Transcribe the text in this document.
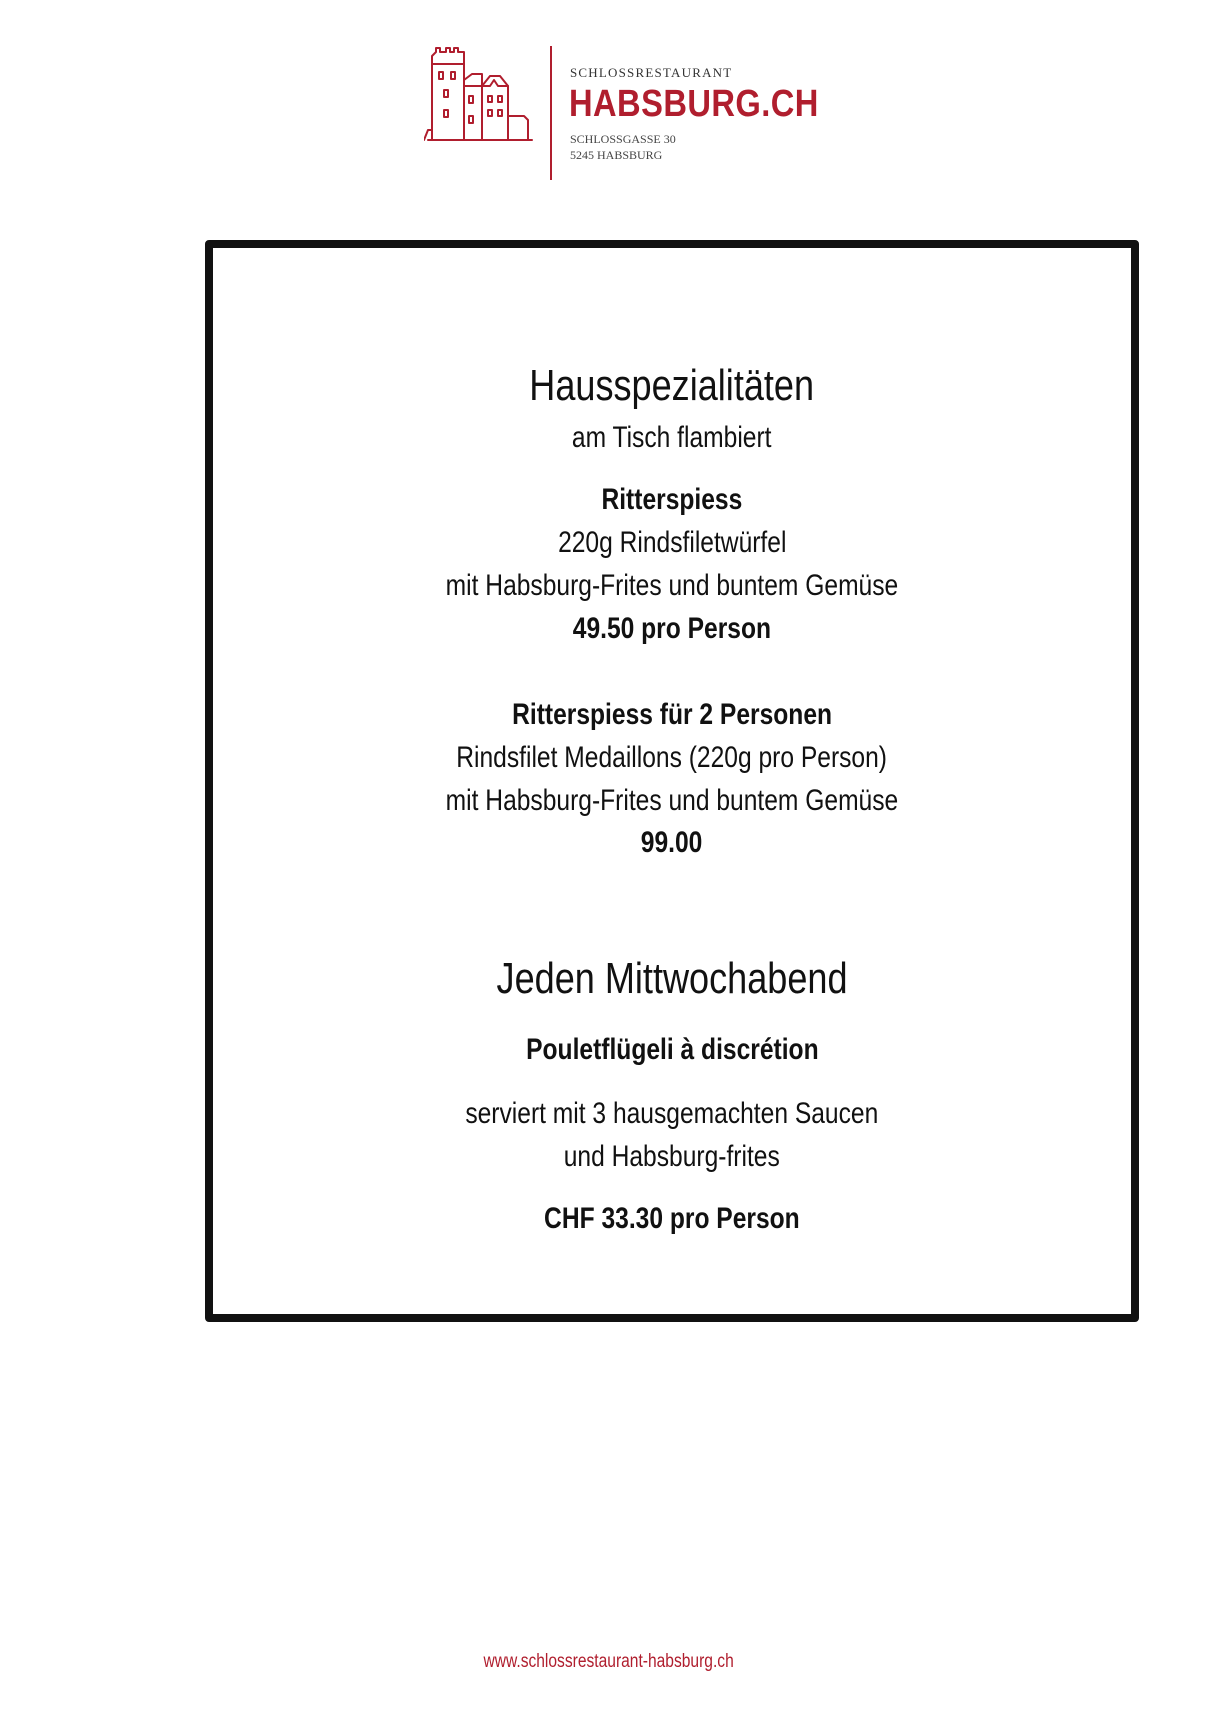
SCHLOSSRESTAURANT
HABSBURG.CH
SCHLOSSGASSE 30
5245 HABSBURG
Hausspezialitäten
am Tisch flambiert
Ritterspiess
220g Rindsfiletwürfel
mit Habsburg-Frites und buntem Gemüse
49.50 pro Person
Ritterspiess für 2 Personen
Rindsfilet Medaillons (220g pro Person)
mit Habsburg-Frites und buntem Gemüse
99.00
Jeden Mittwochabend
Pouletflügeli à discrétion
serviert mit 3 hausgemachten Saucen
und Habsburg-frites
CHF 33.30 pro Person
www.schlossrestaurant-habsburg.ch
